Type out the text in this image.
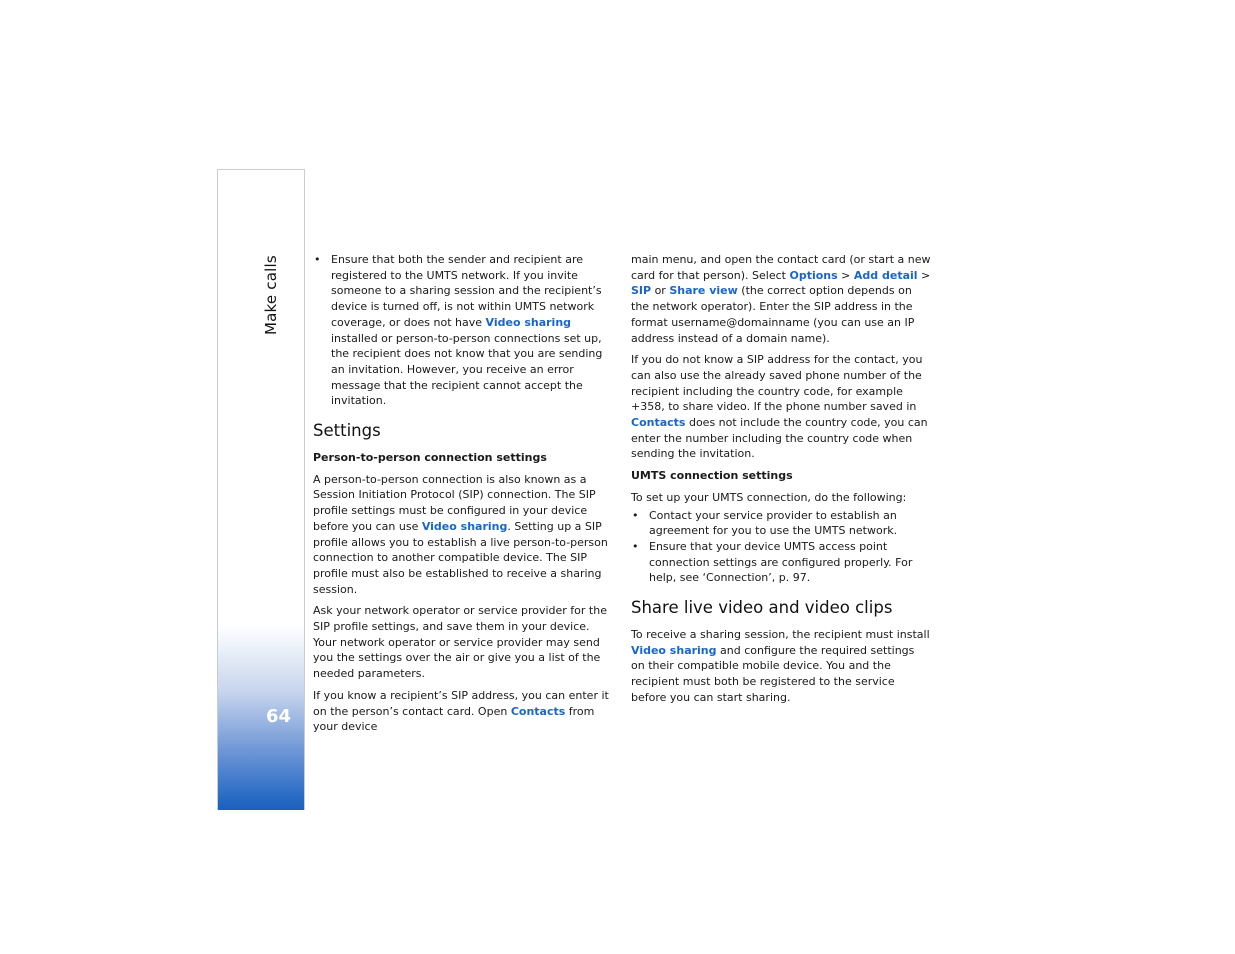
Make calls
64
• Ensure that both the sender and recipient are registered to the UMTS network. If you invite someone to a sharing session and the recipient’s device is turned off, is not within UMTS network coverage, or does not have Video sharing installed or person-to-person connections set up, the recipient does not know that you are sending an invitation. However, you receive an error message that the recipient cannot accept the invitation.
Settings
Person-to-person connection settings

A person-to-person connection is also known as a Session Initiation Protocol (SIP) connection. The SIP profile settings must be configured in your device before you can use Video sharing. Setting up a SIP profile allows you to establish a live person-to-person connection to another compatible device. The SIP profile must also be established to receive a sharing session.

Ask your network operator or service provider for the SIP profile settings, and save them in your device. Your network operator or service provider may send you the settings over the air or give you a list of the needed parameters.

If you know a recipient’s SIP address, you can enter it on the person’s contact card. Open Contacts from your device

main menu, and open the contact card (or start a new card for that person). Select Options > Add detail > SIP or Share view (the correct option depends on the network operator). Enter the SIP address in the format username@domainname (you can use an IP address instead of a domain name).

If you do not know a SIP address for the contact, you can also use the already saved phone number of the recipient including the country code, for example +358, to share video. If the phone number saved in Contacts does not include the country code, you can enter the number including the country code when sending the invitation.

UMTS connection settings

To set up your UMTS connection, do the following:

• Contact your service provider to establish an agreement for you to use the UMTS network.
• Ensure that your device UMTS access point connection settings are configured properly. For help, see ‘Connection’, p. 97.
Share live video and video clips

To receive a sharing session, the recipient must install Video sharing and configure the required settings on their compatible mobile device. You and the recipient must both be registered to the service before you can start sharing.
